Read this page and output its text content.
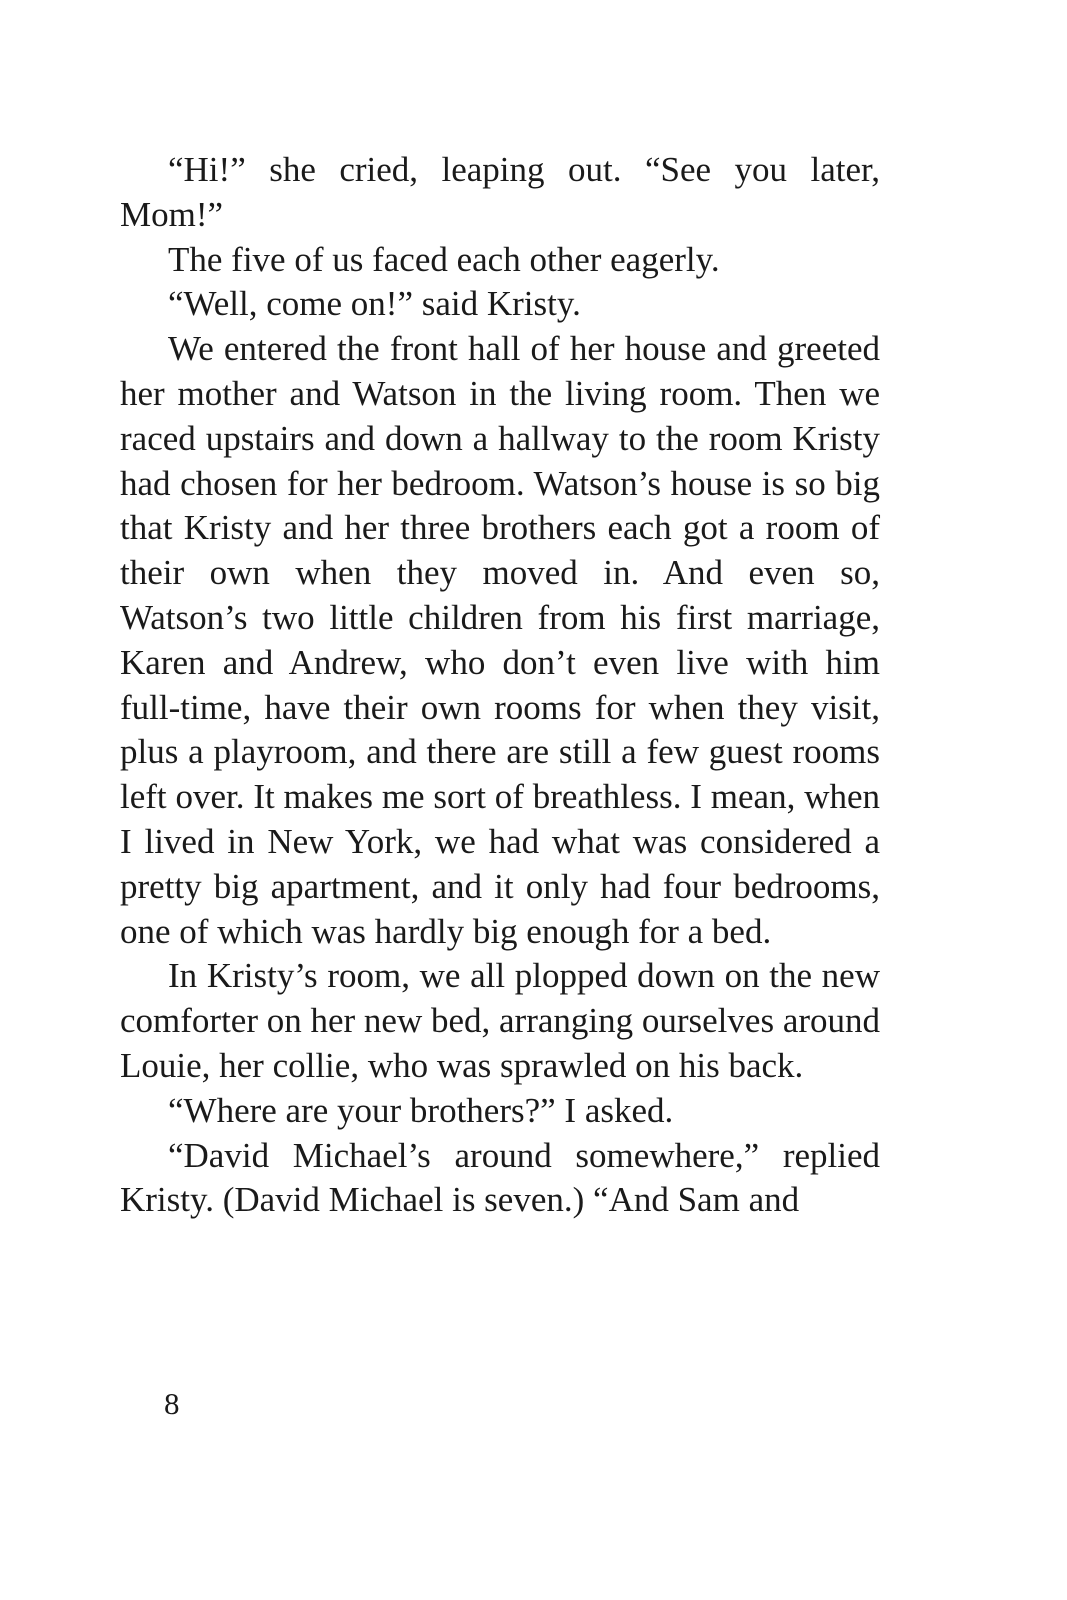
“Hi!” she cried, leaping out. “See you later, Mom!”

The five of us faced each other eagerly.

“Well, come on!” said Kristy.

We entered the front hall of her house and greeted her mother and Watson in the living room. Then we raced upstairs and down a hallway to the room Kristy had chosen for her bedroom. Watson’s house is so big that Kristy and her three brothers each got a room of their own when they moved in. And even so, Watson’s two little children from his first marriage, Karen and Andrew, who don’t even live with him full-time, have their own rooms for when they visit, plus a playroom, and there are still a few guest rooms left over. It makes me sort of breathless. I mean, when I lived in New York, we had what was considered a pretty big apartment, and it only had four bedrooms, one of which was hardly big enough for a bed.

In Kristy’s room, we all plopped down on the new comforter on her new bed, arranging ourselves around Louie, her collie, who was sprawled on his back.

“Where are your brothers?” I asked.

“David Michael’s around somewhere,” replied Kristy. (David Michael is seven.) “And Sam and

8
